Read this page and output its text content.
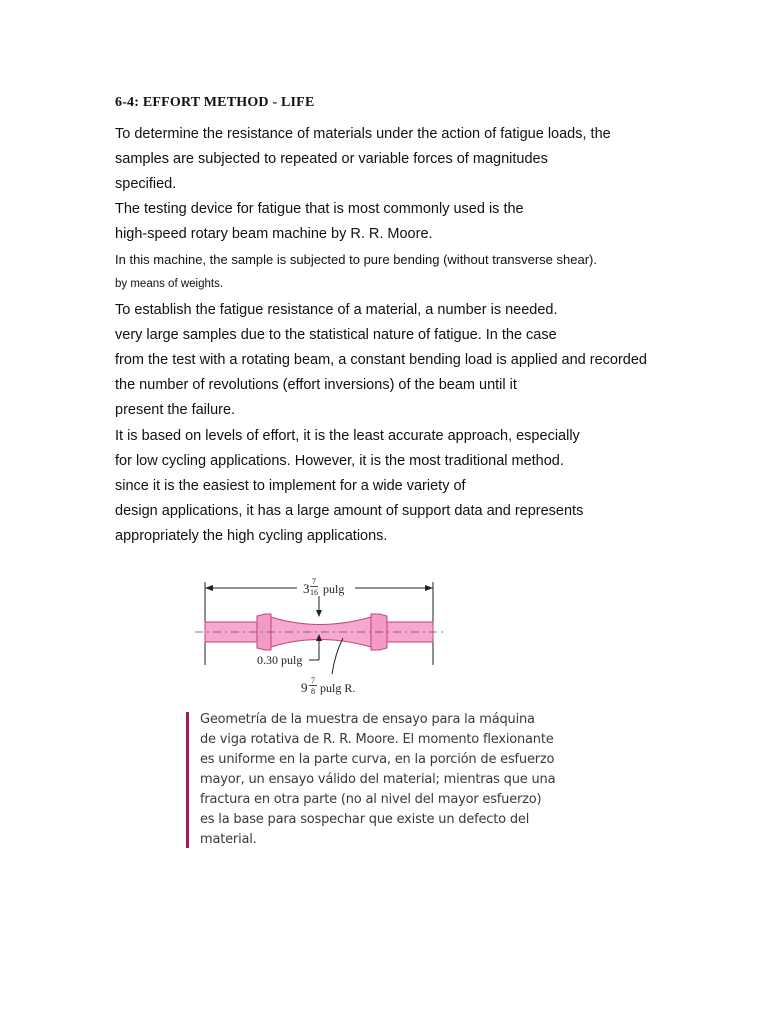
6-4: EFFORT METHOD - LIFE
To determine the resistance of materials under the action of fatigue loads, the
samples are subjected to repeated or variable forces of magnitudes
specified.
The testing device for fatigue that is most commonly used is the
high-speed rotary beam machine by R. R. Moore.
In this machine, the sample is subjected to pure bending (without transverse shear).
by means of weights.
To establish the fatigue resistance of a material, a number is needed.
very large samples due to the statistical nature of fatigue. In the case
from the test with a rotating beam, a constant bending load is applied and recorded
the number of revolutions (effort inversions) of the beam until it
present the failure.
It is based on levels of effort, it is the least accurate approach, especially
for low cycling applications. However, it is the most traditional method.
since it is the easiest to implement for a wide variety of
design applications, it has a large amount of support data and represents
appropriately the high cycling applications.
3 7
16 pulg
0.30 pulg
9 7
8 pulg R.
Geometría de la muestra de ensayo para la máquina
de viga rotativa de R. R. Moore. El momento flexionante
es uniforme en la parte curva, en la porción de esfuerzo
mayor, un ensayo válido del material; mientras que una
fractura en otra parte (no al nivel del mayor esfuerzo)
es la base para sospechar que existe un defecto del
material.
